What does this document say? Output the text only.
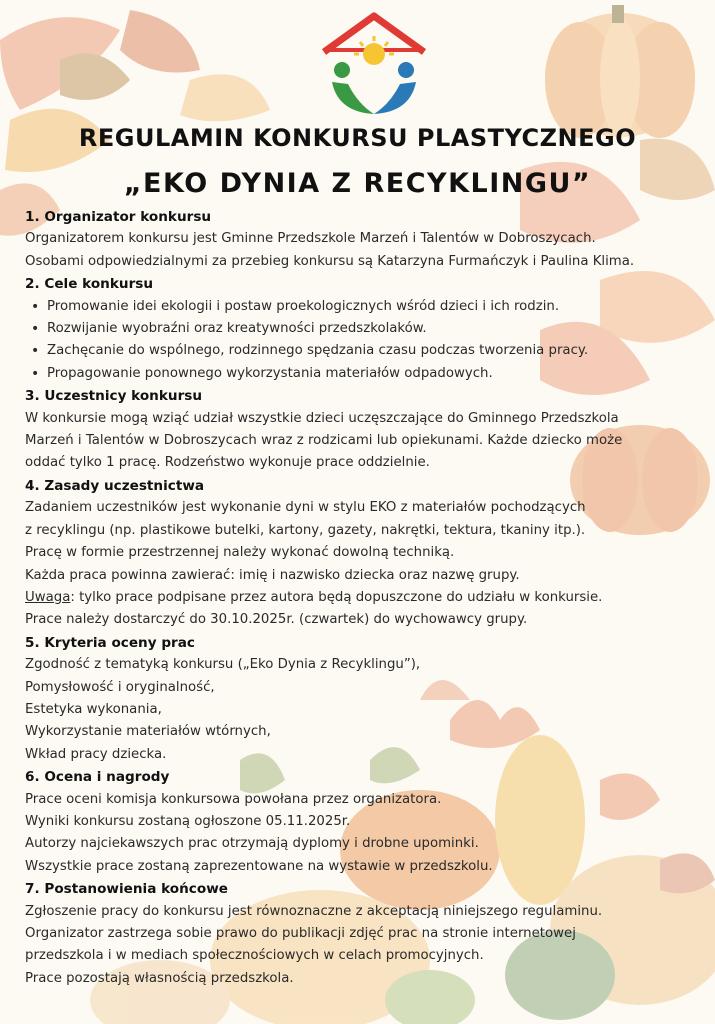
REGULAMIN KONKURSU PLASTYCZNEGO
„EKO DYNIA Z RECYKLINGU”
1. Organizator konkursu

Organizatorem konkursu jest Gminne Przedszkole Marzeń i Talentów w Dobroszycach.

Osobami odpowiedzialnymi za przebieg konkursu są Katarzyna Furmańczyk i Paulina Klima.

2. Cele konkursu
• Promowanie idei ekologii i postaw proekologicznych wśród dzieci i ich rodzin.
• Rozwijanie wyobraźni oraz kreatywności przedszkolaków.
• Zachęcanie do wspólnego, rodzinnego spędzania czasu podczas tworzenia pracy.
• Propagowanie ponownego wykorzystania materiałów odpadowych.
3. Uczestnicy konkursu

W konkursie mogą wziąć udział wszystkie dzieci uczęszczające do Gminnego Przedszkola

Marzeń i Talentów w Dobroszycach wraz z rodzicami lub opiekunami. Każde dziecko może

oddać tylko 1 pracę. Rodzeństwo wykonuje prace oddzielnie.

4. Zasady uczestnictwa

Zadaniem uczestników jest wykonanie dyni w stylu EKO z materiałów pochodzących

z recyklingu (np. plastikowe butelki, kartony, gazety, nakrętki, tektura, tkaniny itp.).

Pracę w formie przestrzennej należy wykonać dowolną techniką.

Każda praca powinna zawierać: imię i nazwisko dziecka oraz nazwę grupy.

Uwaga: tylko prace podpisane przez autora będą dopuszczone do udziału w konkursie.

Prace należy dostarczyć do 30.10.2025r. (czwartek) do wychowawcy grupy.

5. Kryteria oceny prac

Zgodność z tematyką konkursu („Eko Dynia z Recyklingu”),

Pomysłowość i oryginalność,

Estetyka wykonania,

Wykorzystanie materiałów wtórnych,

Wkład pracy dziecka.

6. Ocena i nagrody

Prace oceni komisja konkursowa powołana przez organizatora.

Wyniki konkursu zostaną ogłoszone 05.11.2025r.

Autorzy najciekawszych prac otrzymają dyplomy i drobne upominki.

Wszystkie prace zostaną zaprezentowane na wystawie w przedszkolu.

7. Postanowienia końcowe

Zgłoszenie pracy do konkursu jest równoznaczne z akceptacją niniejszego regulaminu.

Organizator zastrzega sobie prawo do publikacji zdjęć prac na stronie internetowej

przedszkola i w mediach społecznościowych w celach promocyjnych.

Prace pozostają własnością przedszkola.
